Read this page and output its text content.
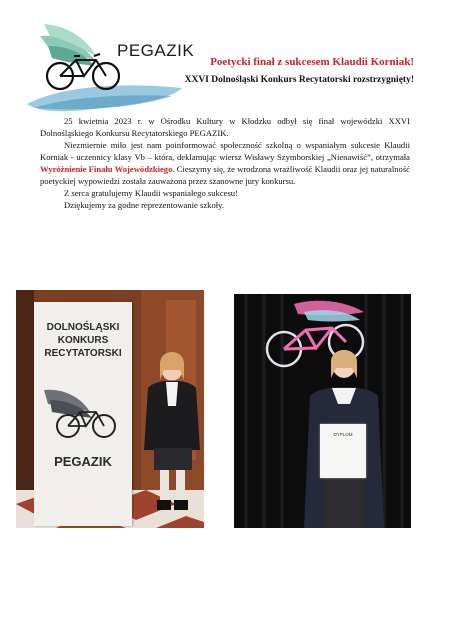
PEGAZIK
Poetycki finał z sukcesem Klaudii Korniak!
XXVI Dolnośląski Konkurs Recytatorski rozstrzygnięty!

25 kwietnia 2023 r. w Ośrodku Kultury w Kłodzku odbył się finał wojewódzki XXVI Dolnośląskiego Konkursu Recytatorskiego PEGAZIK.

Niezmiernie miło jest nam poinformować społeczność szkolną o wspaniałym sukcesie Klaudii Korniak - uczennicy klasy Vb – która, deklamując wiersz Wisławy Szymborskiej „Nienawiść”, otrzymała Wyróżnienie Finału Wojewódzkiego. Cieszymy się, że wrodzona wrażliwość Klaudii oraz jej naturalność poetyckiej wypowiedzi została zauważona przez szanowne jury konkursu.

Z serca gratulujemy Klaudii wspaniałego sukcesu!

Dziękujemy za godne reprezentowanie szkoły.

DOLNOŚLĄSKI
KONKURS
RECYTATORSKI
PEGAZIK
DYPLOM
